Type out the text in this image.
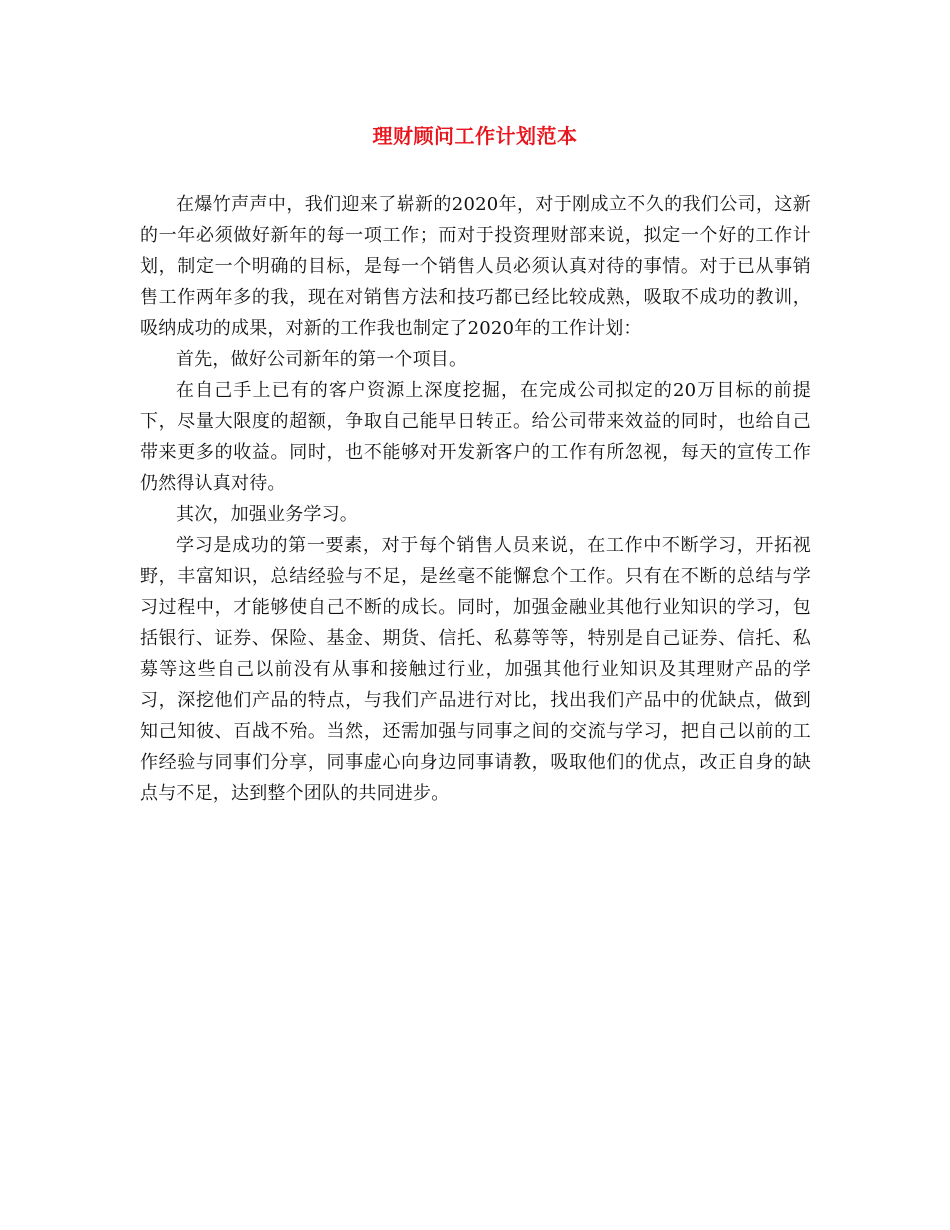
理财顾问工作计划范本

在爆竹声声中，我们迎来了崭新的2020年，对于刚成立不久的我们公司，这新的一年必须做好新年的每一项工作；而对于投资理财部来说，拟定一个好的工作计划，制定一个明确的目标，是每一个销售人员必须认真对待的事情。对于已从事销售工作两年多的我，现在对销售方法和技巧都已经比较成熟，吸取不成功的教训，吸纳成功的成果，对新的工作我也制定了2020年的工作计划：

首先，做好公司新年的第一个项目。

在自己手上已有的客户资源上深度挖掘，在完成公司拟定的20万目标的前提下，尽量大限度的超额，争取自己能早日转正。给公司带来效益的同时，也给自己带来更多的收益。同时，也不能够对开发新客户的工作有所忽视，每天的宣传工作仍然得认真对待。

其次，加强业务学习。

学习是成功的第一要素，对于每个销售人员来说，在工作中不断学习，开拓视野，丰富知识，总结经验与不足，是丝毫不能懈怠个工作。只有在不断的总结与学习过程中，才能够使自己不断的成长。同时，加强金融业其他行业知识的学习，包括银行、证券、保险、基金、期货、信托、私募等等，特别是自己证券、信托、私募等这些自己以前没有从事和接触过行业，加强其他行业知识及其理财产品的学习，深挖他们产品的特点，与我们产品进行对比，找出我们产品中的优缺点，做到知己知彼、百战不殆。当然，还需加强与同事之间的交流与学习，把自己以前的工作经验与同事们分享，同事虚心向身边同事请教，吸取他们的优点，改正自身的缺点与不足，达到整个团队的共同进步。
